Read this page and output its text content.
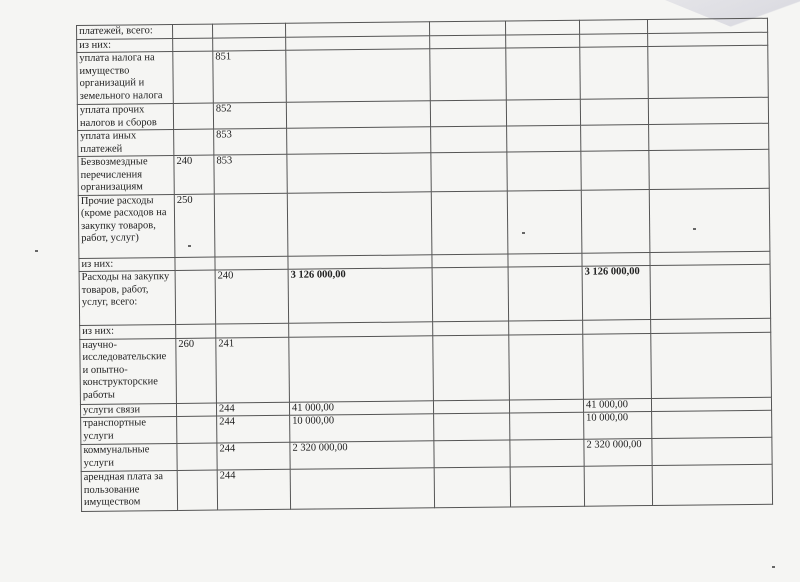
платежей, всего:							
из них:							
уплата налога на имущество организаций и земельного налога		851					
уплата прочих налогов и сборов		852					
уплата иных платежей		853					
Безвозмездные перечисления организациям	240	853					
Прочие расходы (кроме расходов на закупку товаров, работ, услуг)	250						
из них:							
Расходы на закупку товаров, работ, услуг, всего:		240	3 126 000,00			3 126 000,00	
из них:							
научно-исследовательские и опытно-конструкторские работы	260	241					
услуги связи		244	41 000,00			41 000,00	
транспортные услуги		244	10 000,00			10 000,00	
коммунальные услуги		244	2 320 000,00			2 320 000,00	
арендная плата за пользование имуществом		244					
